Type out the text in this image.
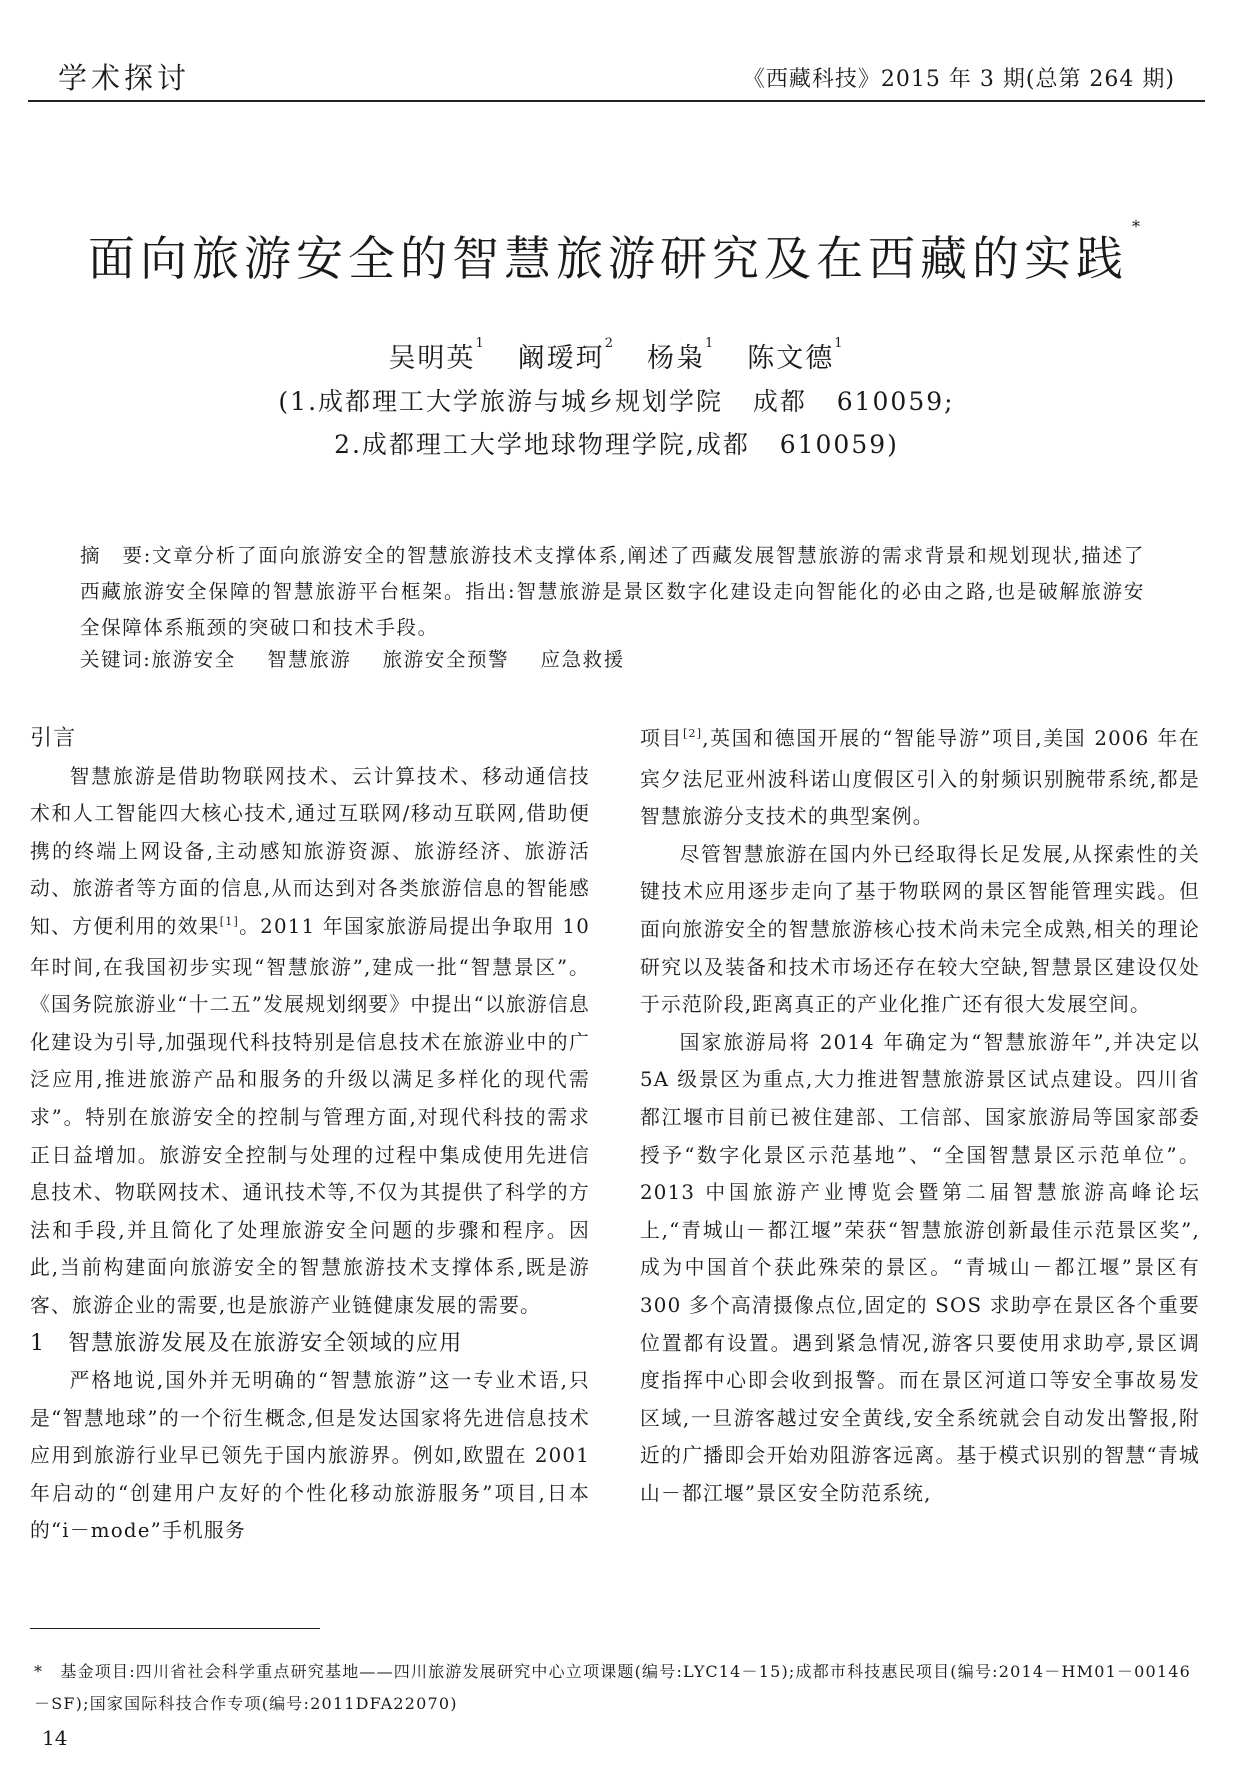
学术探讨	《西藏科技》2015 年 3 期(总第 264 期)
面向旅游安全的智慧旅游研究及在西藏的实践*
吴明英$^1$ 阚瑷珂$^2$ 杨枭$^1$ 陈文德$^1$
(1.成都理工大学旅游与城乡规划学院   成都   610059;
2.成都理工大学地球物理学院,成都   610059)
摘　要:文章分析了面向旅游安全的智慧旅游技术支撑体系,阐述了西藏发展智慧旅游的需求背景和规划现状,描述了西藏旅游安全保障的智慧旅游平台框架。指出:智慧旅游是景区数字化建设走向智能化的必由之路,也是破解旅游安全保障体系瓶颈的突破口和技术手段。
关键词:旅游安全    智慧旅游    旅游安全预警    应急救援
引言

智慧旅游是借助物联网技术、云计算技术、移动通信技术和人工智能四大核心技术,通过互联网/移动互联网,借助便携的终端上网设备,主动感知旅游资源、旅游经济、旅游活动、旅游者等方面的信息,从而达到对各类旅游信息的智能感知、方便利用的效果[1]。2011 年国家旅游局提出争取用 10 年时间,在我国初步实现“智慧旅游”,建成一批“智慧景区”。《国务院旅游业“十二五”发展规划纲要》中提出“以旅游信息化建设为引导,加强现代科技特别是信息技术在旅游业中的广泛应用,推进旅游产品和服务的升级以满足多样化的现代需求”。特别在旅游安全的控制与管理方面,对现代科技的需求正日益增加。旅游安全控制与处理的过程中集成使用先进信息技术、物联网技术、通讯技术等,不仅为其提供了科学的方法和手段,并且简化了处理旅游安全问题的步骤和程序。因此,当前构建面向旅游安全的智慧旅游技术支撑体系,既是游客、旅游企业的需要,也是旅游产业链健康发展的需要。

1 智慧旅游发展及在旅游安全领域的应用

严格地说,国外并无明确的“智慧旅游”这一专业术语,只是“智慧地球”的一个衍生概念,但是发达国家将先进信息技术应用到旅游行业早已领先于国内旅游界。例如,欧盟在 2001 年启动的“创建用户友好的个性化移动旅游服务”项目,日本的“i－mode”手机服务

项目[2],英国和德国开展的“智能导游”项目,美国 2006 年在宾夕法尼亚州波科诺山度假区引入的射频识别腕带系统,都是智慧旅游分支技术的典型案例。

尽管智慧旅游在国内外已经取得长足发展,从探索性的关键技术应用逐步走向了基于物联网的景区智能管理实践。但面向旅游安全的智慧旅游核心技术尚未完全成熟,相关的理论研究以及装备和技术市场还存在较大空缺,智慧景区建设仅处于示范阶段,距离真正的产业化推广还有很大发展空间。

国家旅游局将 2014 年确定为“智慧旅游年”,并决定以 5A 级景区为重点,大力推进智慧旅游景区试点建设。四川省都江堰市目前已被住建部、工信部、国家旅游局等国家部委授予“数字化景区示范基地”、“全国智慧景区示范单位”。2013 中国旅游产业博览会暨第二届智慧旅游高峰论坛上,“青城山－都江堰”荣获“智慧旅游创新最佳示范景区奖”,成为中国首个获此殊荣的景区。“青城山－都江堰”景区有 300 多个高清摄像点位,固定的 SOS 求助亭在景区各个重要位置都有设置。遇到紧急情况,游客只要使用求助亭,景区调度指挥中心即会收到报警。而在景区河道口等安全事故易发区域,一旦游客越过安全黄线,安全系统就会自动发出警报,附近的广播即会开始劝阻游客远离。基于模式识别的智慧“青城山－都江堰”景区安全防范系统,

*　 基金项目:四川省社会科学重点研究基地——四川旅游发展研究中心立项课题(编号:LYC14－15);成都市科技惠民项目(编号:2014－HM01－00146－SF);国家国际科技合作专项(编号:2011DFA22070)
14
